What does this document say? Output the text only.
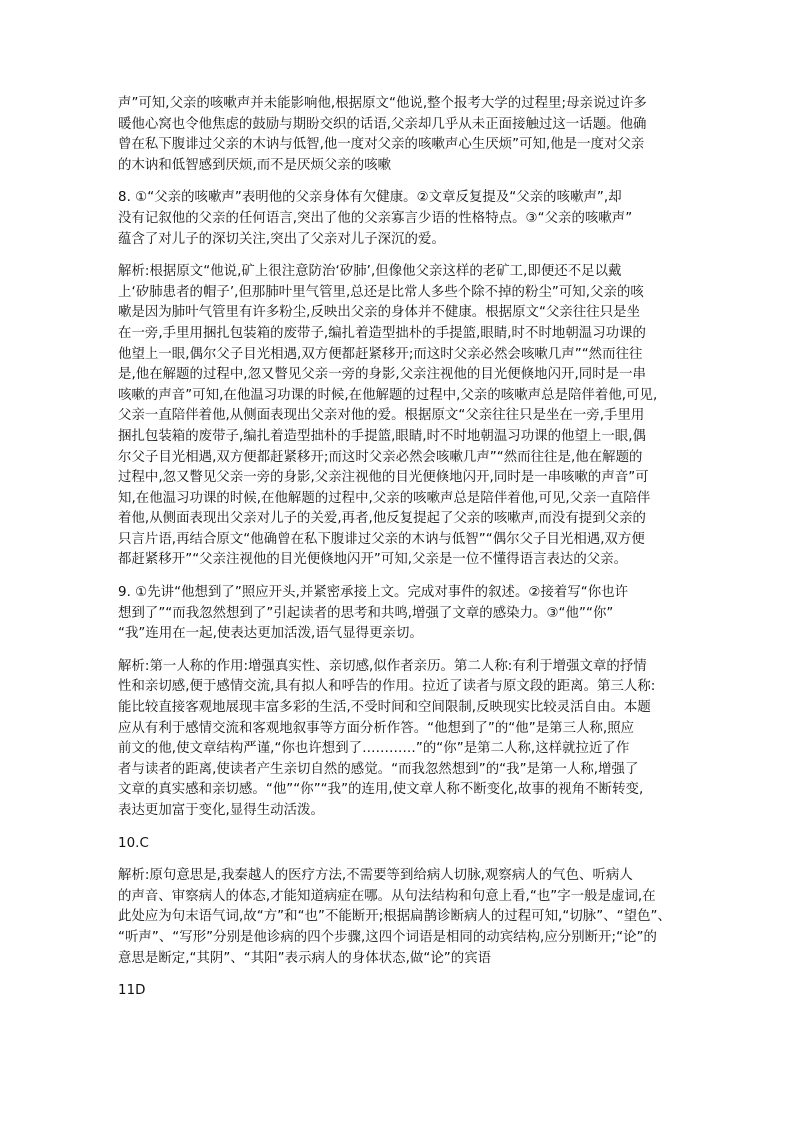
声”可知,父亲的咳嗽声并未能影响他,根据原文“他说,整个报考大学的过程里;母亲说过许多
暖他心窝也令他焦虑的鼓励与期盼交织的话语,父亲却几乎从未正面接触过这一话题。他确
曾在私下腹诽过父亲的木讷与低智,他一度对父亲的咳嗽声心生厌烦”可知,他是一度对父亲
的木讷和低智感到厌烦,而不是厌烦父亲的咳嗽
8. ①“父亲的咳嗽声”表明他的父亲身体有欠健康。②文章反复提及“父亲的咳嗽声”,却
没有记叙他的父亲的任何语言,突出了他的父亲寡言少语的性格特点。③“父亲的咳嗽声”
蕴含了对儿子的深切关注,突出了父亲对儿子深沉的爱。
解析:根据原文“他说,矿上很注意防治‘矽肺’,但像他父亲这样的老矿工,即便还不足以戴
上‘矽肺患者的帽子’,但那肺叶里气管里,总还是比常人多些个除不掉的粉尘”可知,父亲的咳
嗽是因为肺叶气管里有许多粉尘,反映出父亲的身体并不健康。根据原文“父亲往往只是坐
在一旁,手里用捆扎包装箱的废带子,编扎着造型拙朴的手提篮,眼睛,时不时地朝温习功课的
他望上一眼,偶尔父子目光相遇,双方便都赶紧移开;而这时父亲必然会咳嗽几声”“然而往往
是,他在解题的过程中,忽又瞥见父亲一旁的身影,父亲注视他的目光便倏地闪开,同时是一串
咳嗽的声音”可知,在他温习功课的时候,在他解题的过程中,父亲的咳嗽声总是陪伴着他,可见,
父亲一直陪伴着他,从侧面表现出父亲对他的爱。根据原文“父亲往往只是坐在一旁,手里用
捆扎包装箱的废带子,编扎着造型拙朴的手提篮,眼睛,时不时地朝温习功课的他望上一眼,偶
尔父子目光相遇,双方便都赶紧移开;而这时父亲必然会咳嗽几声”“然而往往是,他在解题的
过程中,忽又瞥见父亲一旁的身影,父亲注视他的目光便倏地闪开,同时是一串咳嗽的声音”可
知,在他温习功课的时候,在他解题的过程中,父亲的咳嗽声总是陪伴着他,可见,父亲一直陪伴
着他,从侧面表现出父亲对儿子的关爱,再者,他反复提起了父亲的咳嗽声,而没有提到父亲的
只言片语,再结合原文“他确曾在私下腹诽过父亲的木讷与低智”“偶尔父子目光相遇,双方便
都赶紧移开”“父亲注视他的目光便倏地闪开”可知,父亲是一位不懂得语言表达的父亲。
9. ①先讲“他想到了”照应开头,并紧密承接上文。完成对事件的叙述。②接着写“你也许
想到了”“而我忽然想到了”引起读者的思考和共鸣,增强了文章的感染力。③“他”“你”
“我”连用在一起,使表达更加活泼,语气显得更亲切。
解析:第一人称的作用:增强真实性、亲切感,似作者亲历。第二人称:有利于增强文章的抒情
性和亲切感,便于感情交流,具有拟人和呼告的作用。拉近了读者与原文段的距离。第三人称:
能比较直接客观地展现丰富多彩的生活,不受时间和空间限制,反映现实比较灵活自由。本题
应从有利于感情交流和客观地叙事等方面分析作答。“他想到了”的“他”是第三人称,照应
前文的他,使文章结构严谨,“你也许想到了…………”的“你”是第二人称,这样就拉近了作
者与读者的距离,使读者产生亲切自然的感觉。“而我忽然想到”的“我”是第一人称,增强了
文章的真实感和亲切感。“他”“你”“我”的连用,使文章人称不断变化,故事的视角不断转变,
表达更加富于变化,显得生动活泼。
10.C
解析:原句意思是,我秦越人的医疗方法,不需要等到给病人切脉,观察病人的气色、听病人
的声音、审察病人的体态,才能知道病症在哪。从句法结构和句意上看,“也”字一般是虚词,在
此处应为句末语气词,故“方”和“也”不能断开;根据扁鹊诊断病人的过程可知,“切脉”、“望色”、
“听声”、“写形”分别是他诊病的四个步骤,这四个词语是相同的动宾结构,应分别断开;“论”的
意思是断定,“其阴”、“其阳”表示病人的身体状态,做“论”的宾语
11D
